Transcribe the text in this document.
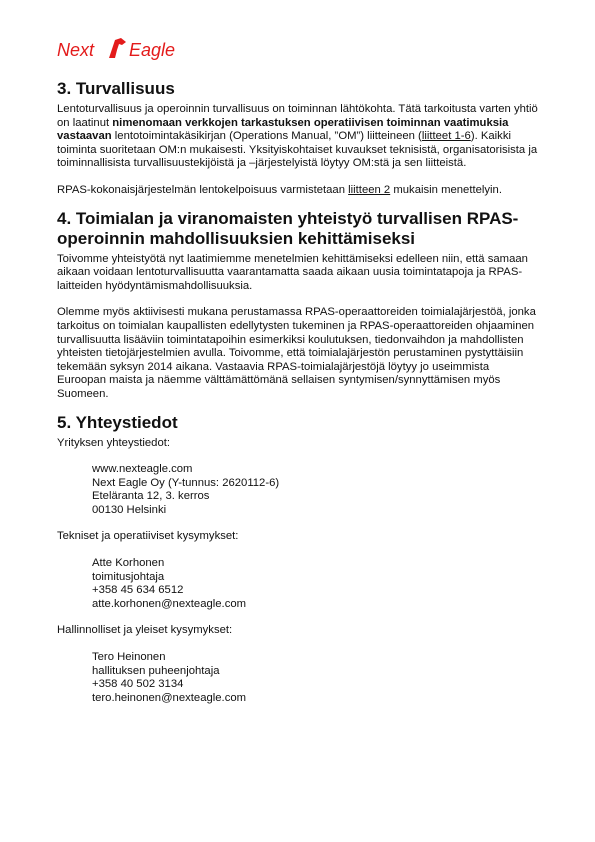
Next Eagle
3. Turvallisuus

Lentoturvallisuus ja operoinnin turvallisuus on toiminnan lähtökohta. Tätä tarkoitusta varten yhtiö on laatinut nimenomaan verkkojen tarkastuksen operatiivisen toiminnan vaatimuksia vastaavan lentotoimintakäsikirjan (Operations Manual, ”OM”) liitteineen (liitteet 1-6). Kaikki toiminta suoritetaan OM:n mukaisesti. Yksityiskohtaiset kuvaukset teknisistä, organisatorisista ja toiminnallisista turvallisuustekijöistä ja –järjestelyistä löytyy OM:stä ja sen liitteistä.

RPAS-kokonaisjärjestelmän lentokelpoisuus varmistetaan liitteen 2 mukaisin menettelyin.

4. Toimialan ja viranomaisten yhteistyö turvallisen RPAS-operoinnin mahdollisuuksien kehittämiseksi

Toivomme yhteistyötä nyt laatimiemme menetelmien kehittämiseksi edelleen niin, että samaan aikaan voidaan lentoturvallisuutta vaarantamatta saada aikaan uusia toimintatapoja ja RPAS-laitteiden hyödyntämismahdollisuuksia.

Olemme myös aktiivisesti mukana perustamassa RPAS-operaattoreiden toimialajärjestöä, jonka tarkoitus on toimialan kaupallisten edellytysten tukeminen ja RPAS-operaattoreiden ohjaaminen turvallisuutta lisääviin toimintatapoihin esimerkiksi koulutuksen, tiedonvaihdon ja mahdollisten yhteisten tietojärjestelmien avulla. Toivomme, että toimialajärjestön perustaminen pystyttäisiin tekemään syksyn 2014 aikana. Vastaavia RPAS-toimialajärjestöjä löytyy jo useimmista Euroopan maista ja näemme välttämättömänä sellaisen syntymisen/synnyttämisen myös Suomeen.

5. Yhteystiedot

Yrityksen yhteystiedot:

www.nexteagle.com

Next Eagle Oy (Y-tunnus: 2620112-6)

Eteläranta 12, 3. kerros

00130 Helsinki

Tekniset ja operatiiviset kysymykset:

Atte Korhonen

toimitusjohtaja

+358 45 634 6512

atte.korhonen@nexteagle.com

Hallinnolliset ja yleiset kysymykset:

Tero Heinonen

hallituksen puheenjohtaja

+358 40 502 3134

tero.heinonen@nexteagle.com
